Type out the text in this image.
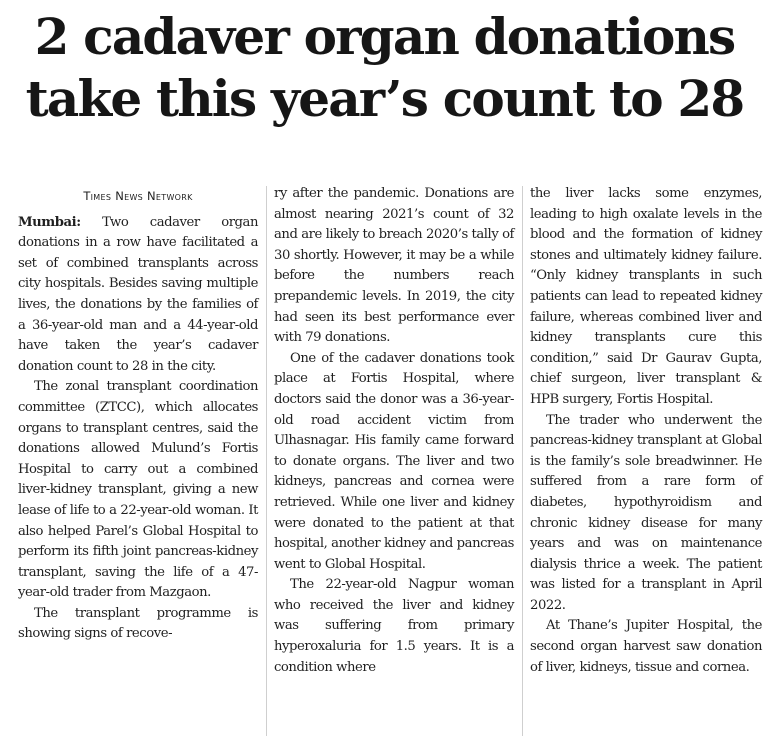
2 cadaver organ donations
take this year’s count to 28
Times News Network

Mumbai: Two cadaver organ donations in a row have facilitated a set of combined transplants across city hospitals. Besides saving multiple lives, the donations by the families of a 36-year-old man and a 44-year-old have taken the year’s cadaver donation count to 28 in the city.

The zonal transplant coordination committee (ZTCC), which allocates organs to transplant centres, said the donations allowed Mulund’s Fortis Hospital to carry out a combined liver-kidney transplant, giving a new lease of life to a 22-year-old woman. It also helped Parel’s Global Hospital to perform its fifth joint pancreas-kidney transplant, saving the life of a 47-year-old trader from Mazgaon.

The transplant programme is showing signs of recove-

ry after the pandemic. Donations are almost nearing 2021’s count of 32 and are likely to breach 2020’s tally of 30 shortly. However, it may be a while before the numbers reach prepandemic levels. In 2019, the city had seen its best performance ever with 79 donations.

One of the cadaver donations took place at Fortis Hospital, where doctors said the donor was a 36-year-old road accident victim from Ulhasnagar. His family came forward to donate organs. The liver and two kidneys, pancreas and cornea were retrieved. While one liver and kidney were donated to the patient at that hospital, another kidney and pancreas went to Global Hospital.

The 22-year-old Nagpur woman who received the liver and kidney was suffering from primary hyperoxaluria for 1.5 years. It is a condition where

the liver lacks some enzymes, leading to high oxalate levels in the blood and the formation of kidney stones and ultimately kidney failure. “Only kidney transplants in such patients can lead to repeated kidney failure, whereas combined liver and kidney transplants cure this condition,” said Dr Gaurav Gupta, chief surgeon, liver transplant & HPB surgery, Fortis Hospital.

The trader who underwent the pancreas-kidney transplant at Global is the family’s sole breadwinner. He suffered from a rare form of diabetes, hypothyroidism and chronic kidney disease for many years and was on maintenance dialysis thrice a week. The patient was listed for a transplant in April 2022.

At Thane’s Jupiter Hospital, the second organ harvest saw donation of liver, kidneys, tissue and cornea.
